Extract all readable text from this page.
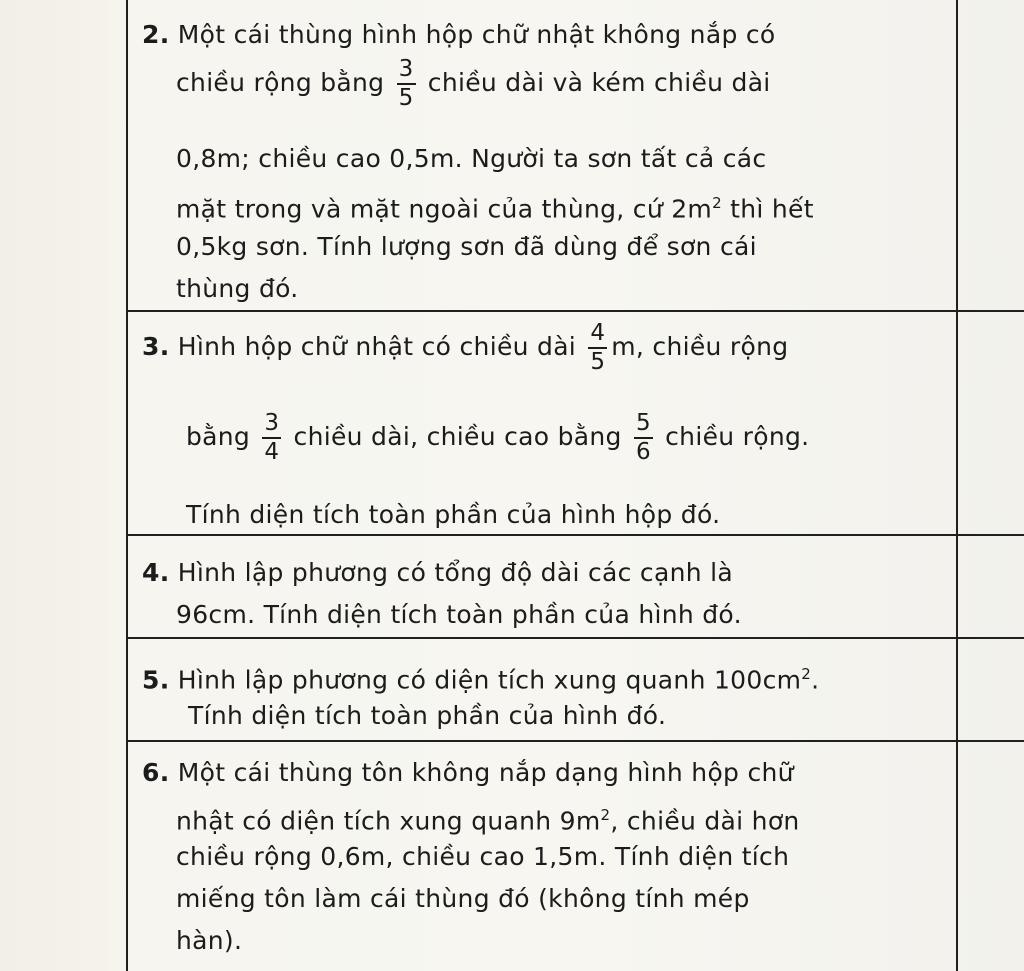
2. Một cái thùng hình hộp chữ nhật không nắp có
chiều rộng bằng $\frac{3}{5}$ chiều dài và kém chiều dài
0,8m; chiều cao 0,5m. Người ta sơn tất cả các
mặt trong và mặt ngoài của thùng, cứ $2m^2$ thì hết
0,5kg sơn. Tính lượng sơn đã dùng để sơn cái
thùng đó.
3. Hình hộp chữ nhật có chiều dài $\frac{4}{5} m$, chiều rộng
bằng $\frac{3}{4}$ chiều dài, chiều cao bằng $\frac{5}{6}$ chiều rộng.
Tính diện tích toàn phần của hình hộp đó.
4. Hình lập phương có tổng độ dài các cạnh là
96cm. Tính diện tích toàn phần của hình đó.
5. Hình lập phương có diện tích xung quanh $100cm^2$.
Tính diện tích toàn phần của hình đó.
6. Một cái thùng tôn không nắp dạng hình hộp chữ
nhật có diện tích xung quanh $9m^2$, chiều dài hơn
chiều rộng 0,6m, chiều cao 1,5m. Tính diện tích
miếng tôn làm cái thùng đó (không tính mép
hàn).
